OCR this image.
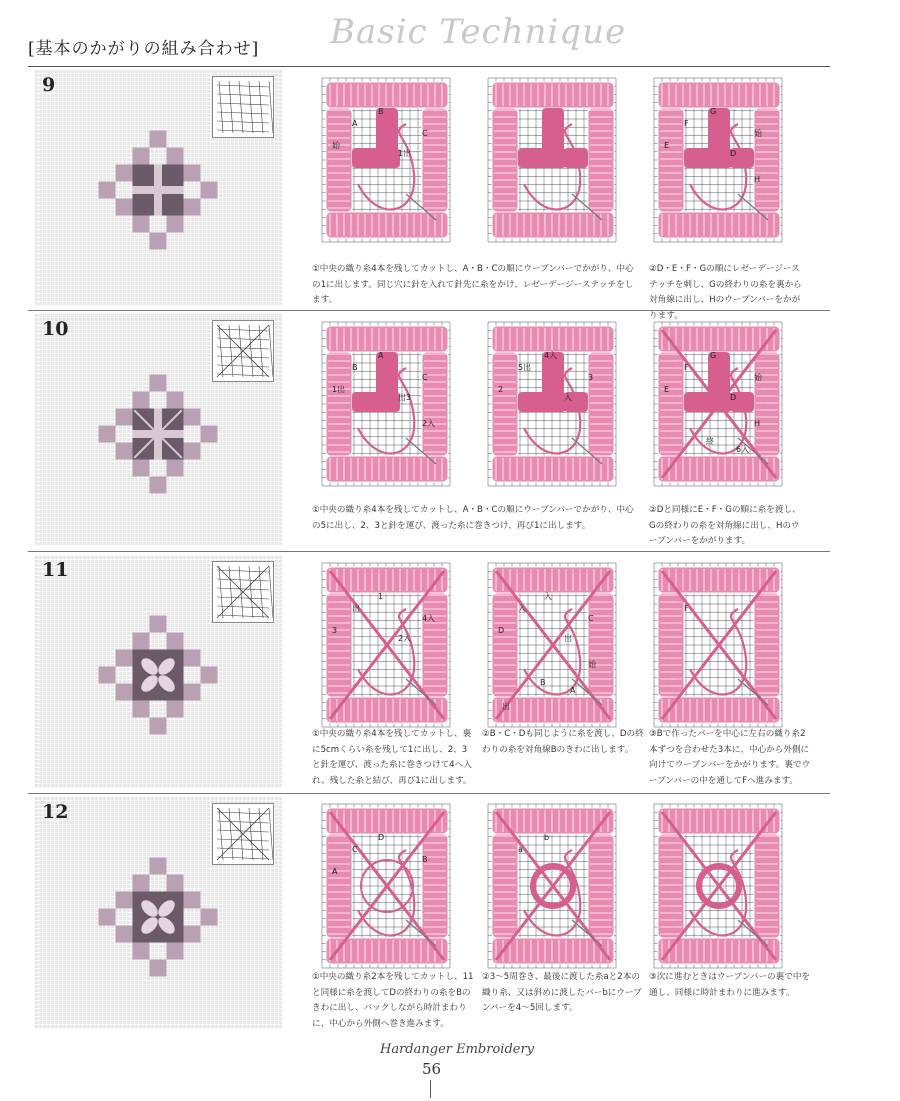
[基本のかがりの組み合わせ] Basic Technique
9
10
11
12
A
B
C
始
1出
F
G
始
E
D
H
B
A
C
1出
出3
2入
5出
4入
3
2
入
F
G
始
E
D
H
終
6入
出
1
4入
3
2入
入
入
C
D
出
始
B
A
出
F
C
D
B
A
a
b
①中央の織り糸4本を残してカットし、A・B・Cの順にウーブンバーでかがり、中心の1に出します。同じ穴に針を入れて針先に糸をかけ、レゼーデージーステッチをします。
②D・E・F・Gの順にレゼーデージーステッチを刺し、Gの終わりの糸を裏から対角線に出し、Hのウーブンバーをかがります。
①中央の織り糸4本を残してカットし、A・B・Cの順にウーブンバーでかがり、中心の5に出し、2、3と針を運び、渡った糸に巻きつけ、再び1に出します。
②Dと同様にE・F・Gの順に糸を渡し、Gの終わりの糸を対角線に出し、Hのウーブンバーをかがります。
①中央の織り糸4本を残してカットし、裏に5cmくらい糸を残して1に出し、2、3と針を運び、渡った糸に巻きつけて4へ入れ、残した糸と結び、再び1に出します。
②B・C・Dも同じように糸を渡し、Dの終わりの糸を対角線Bのきわに出します。
③Bで作ったバーを中心に左右の織り糸2本ずつを合わせた3本に、中心から外側に向けてウーブンバーをかがります。裏でウーブンバーの中を通してFへ進みます。
①中央の織り糸2本を残してカットし、11と同様に糸を渡してDの終わりの糸をBのきわに出し、バックしながら時計まわりに、中心から外側へ巻き進みます。
②3～5周巻き、最後に渡した糸aと2本の織り糸、又は斜めに渡したバーbにウーブンバーを4～5回します。
③次に進むときはウーブンバーの裏で中を通し、同様に時計まわりに進みます。
Hardanger Embroidery
56
